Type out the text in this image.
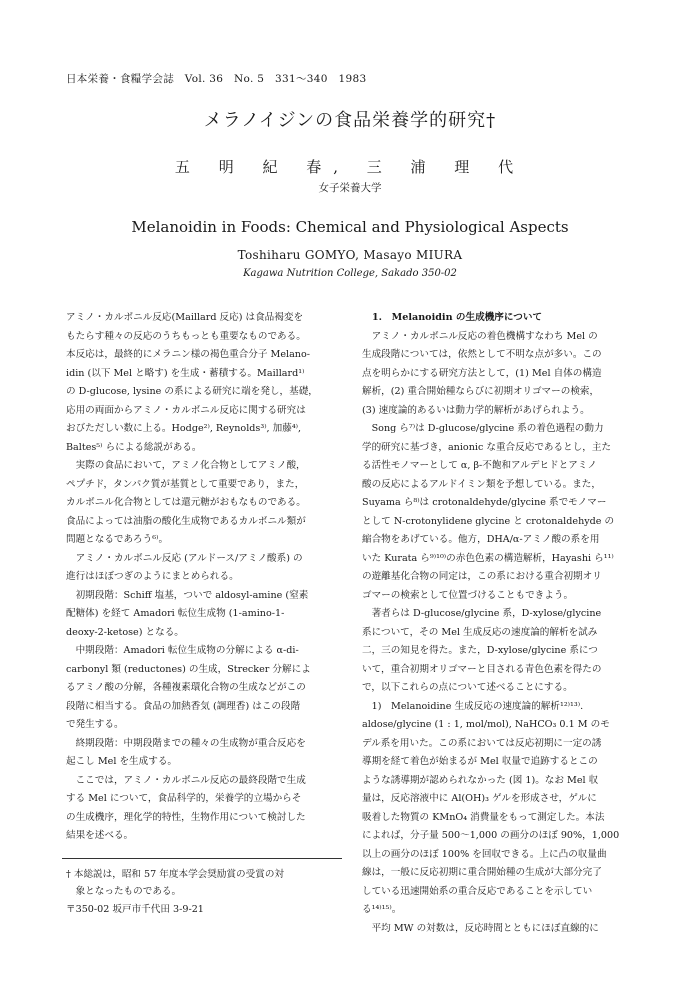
日本栄養・食糧学会誌　Vol. 36　No. 5　331～340　1983
メラノイジンの食品栄養学的研究†
五 明 紀 春, 三 浦 理 代
女子栄養大学
Melanoidin in Foods: Chemical and Physiological Aspects
Toshiharu GOMYO, Masayo MIURA
Kagawa Nutrition College, Sakado 350-02

アミノ・カルボニル反応(Maillard 反応) は食品褐変を

もたらす種々の反応のうちもっとも重要なものである。

本反応は，最終的にメラニン様の褐色重合分子 Melano-

idin (以下 Mel と略す) を生成・蓄積する。Maillard¹⁾

の D-glucose, lysine の系による研究に端を発し，基礎，

応用の両面からアミノ・カルボニル反応に関する研究は

おびただしい数に上る。Hodge²⁾, Reynolds³⁾, 加藤⁴⁾,

Baltes⁵⁾ らによる総説がある。

　実際の食品において，アミノ化合物としてアミノ酸，

ペプチド，タンパク質が基質として重要であり，また，

カルボニル化合物としては還元糖がおもなものである。

食品によっては油脂の酸化生成物であるカルボニル類が

問題となるであろう⁶⁾。

　アミノ・カルボニル反応 (アルドース/アミノ酸系) の

進行はほぼつぎのようにまとめられる。

　初期段階：Schiff 塩基，ついで aldosyl-amine (窒素

配糖体) を経て Amadori 転位生成物 (1-amino-1-

deoxy-2-ketose) となる。

　中期段階：Amadori 転位生成物の分解による α-di-

carbonyl 類 (reductones) の生成，Strecker 分解によ

るアミノ酸の分解，各種複素環化合物の生成などがこの

段階に相当する。食品の加熱香気 (調理香) はこの段階

で発生する。

　終期段階：中期段階までの種々の生成物が重合反応を

起こし Mel を生成する。

　ここでは，アミノ・カルボニル反応の最終段階で生成

する Mel について，食品科学的，栄養学的立場からそ

の生成機序，理化学的特性，生物作用について検討した

結果を述べる。

1.　Melanoidin の生成機序について

　アミノ・カルボニル反応の着色機構すなわち Mel の

生成段階については，依然として不明な点が多い。この

点を明らかにする研究方法として，(1) Mel 自体の構造

解析，(2) 重合開始種ならびに初期オリゴマーの検索，

(3) 速度論的あるいは動力学的解析があげられよう。

　Song ら⁷⁾は D-glucose/glycine 系の着色過程の動力

学的研究に基づき，anionic な重合反応であるとし，主た

る活性モノマーとして α, β-不飽和アルデヒドとアミノ

酸の反応によるアルドイミン類を予想している。また，

Suyama ら⁸⁾は crotonaldehyde/glycine 系でモノマー

として N-crotonylidene glycine と crotonaldehyde の

縮合物をあげている。他方，DHA/α-アミノ酸の系を用

いた Kurata ら⁹⁾¹⁰⁾の赤色色素の構造解析，Hayashi ら¹¹⁾

の遊離基化合物の同定は，この系における重合初期オリ

ゴマーの検索として位置づけることもできよう。

　著者らは D-glucose/glycine 系，D-xylose/glycine

系について，その Mel 生成反応の速度論的解析を試み

二，三の知見を得た。また，D-xylose/glycine 系につ

いて，重合初期オリゴマーと目される青色色素を得たの

で，以下これらの点について述べることにする。

　1)　Melanoidine 生成反応の速度論的解析¹²⁾¹³⁾.

aldose/glycine (1 : 1, mol/mol), NaHCO₃ 0.1 M のモ

デル系を用いた。この系においては反応初期に一定の誘

導期を経て着色が始まるが Mel 収量で追跡するとこの

ような誘導期が認められなかった (図 1)。なお Mel 収

量は，反応溶液中に Al(OH)₃ ゲルを形成させ，ゲルに

吸着した物質の KMnO₄ 消費量をもって測定した。本法

によれば，分子量 500～1,000 の画分のほぼ 90%，1,000

以上の画分のほぼ 100% を回収できる。上に凸の収量曲

線は，一般に反応初期に重合開始種の生成が大部分完了

している迅速開始系の重合反応であることを示してい

る¹⁴⁾¹⁵⁾。

　平均 MW の対数は，反応時間とともにほぼ直線的に

† 本総説は，昭和 57 年度本学会奨励賞の受賞の対
　象となったものである。
〒350-02 坂戸市千代田 3-9-21
